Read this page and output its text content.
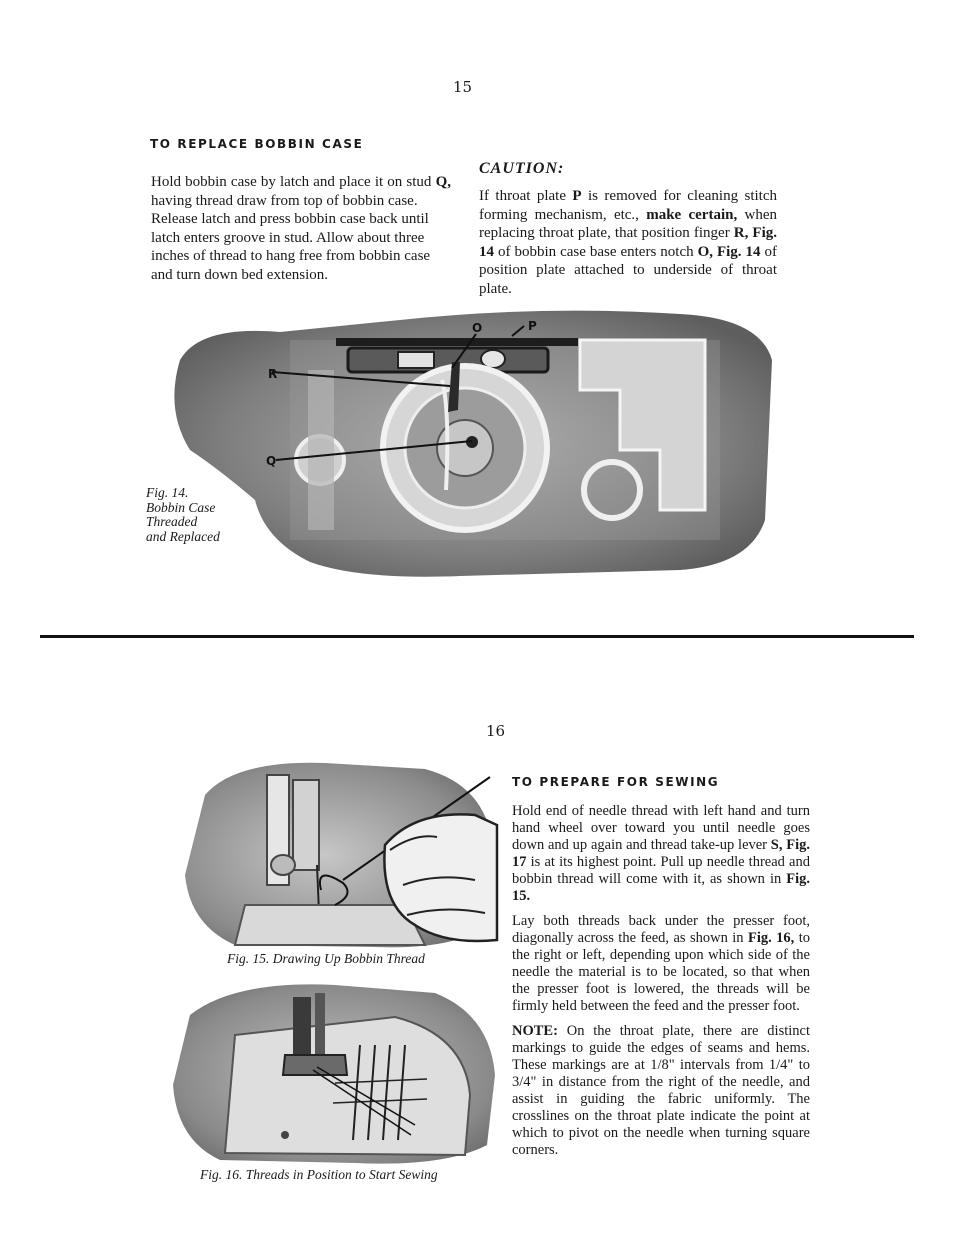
15
TO REPLACE BOBBIN CASE

Hold bobbin case by latch and place it on stud Q, having thread draw from top of bobbin case.

Release latch and press bobbin case back until latch enters groove in stud. Allow about three inches of thread to hang free from bobbin case and turn down bed extension.

CAUTION:

If throat plate P is removed for cleaning stitch forming mechanism, etc., make certain, when replacing throat plate, that position finger R, Fig. 14 of bobbin case base enters notch O, Fig. 14 of position plate attached to underside of throat plate.

O	P
R
Q
Fig. 14.
Bobbin Case
Threaded
and Replaced
16
Fig. 15. Drawing Up Bobbin Thread
Fig. 16. Threads in Position to Start Sewing
TO PREPARE FOR SEWING

Hold end of needle thread with left hand and turn hand wheel over toward you until needle goes down and up again and thread take-up lever S, Fig. 17 is at its highest point. Pull up needle thread and bobbin thread will come with it, as shown in Fig. 15.

Lay both threads back under the presser foot, diagonally across the feed, as shown in Fig. 16, to the right or left, depending upon which side of the needle the material is to be located, so that when the presser foot is lowered, the threads will be firmly held between the feed and the presser foot.

NOTE: On the throat plate, there are distinct markings to guide the edges of seams and hems. These markings are at 1/8" intervals from 1/4" to 3/4" in distance from the right of the needle, and assist in guiding the fabric uniformly. The crosslines on the throat plate indicate the point at which to pivot on the needle when turning square corners.
